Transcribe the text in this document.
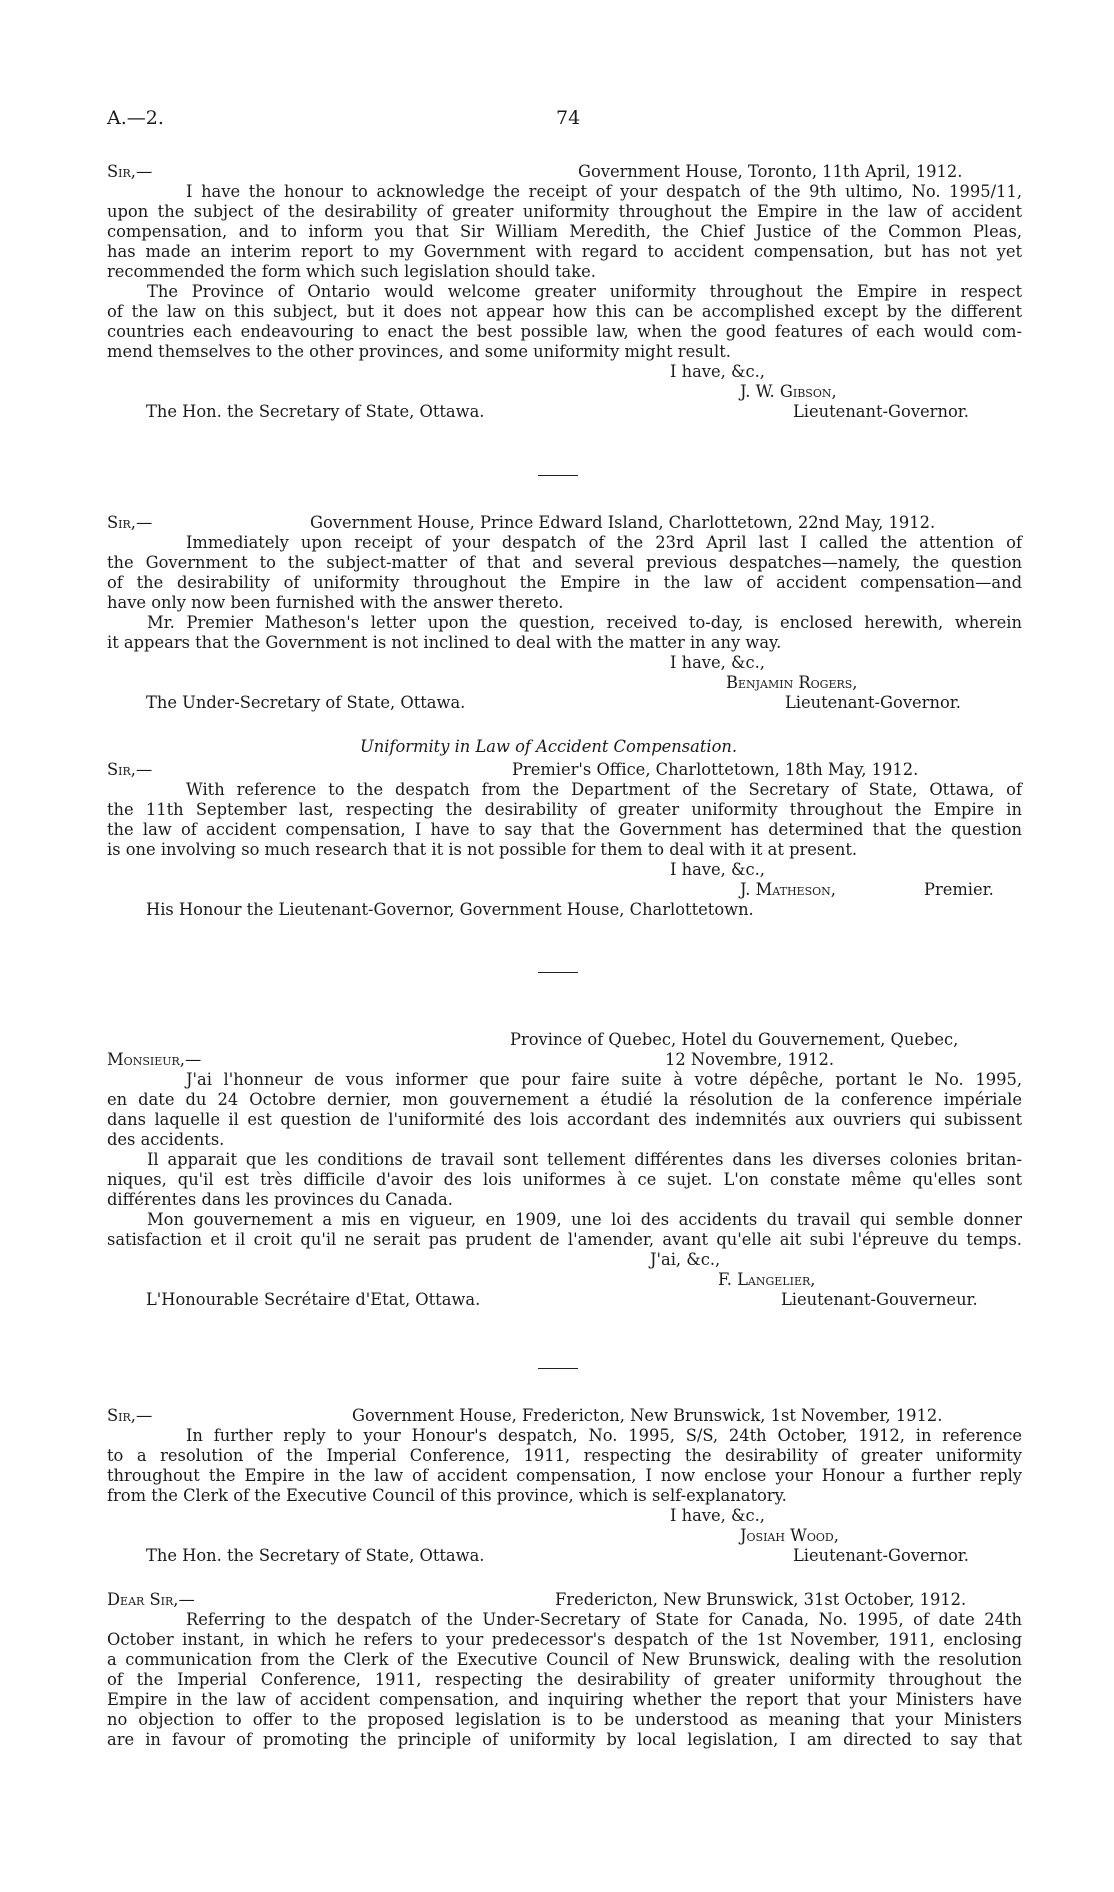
A.—2.	74
Sir,—	Government House, Toronto, 11th April, 1912.
I have the honour to acknowledge the receipt of your despatch of the 9th ultimo, No. 1995/11,
upon the subject of the desirability of greater uniformity throughout the Empire in the law of accident
compensation, and to inform you that Sir William Meredith, the Chief Justice of the Common Pleas,
has made an interim report to my Government with regard to accident compensation, but has not yet
recommended the form which such legislation should take.
The Province of Ontario would welcome greater uniformity throughout the Empire in respect
of the law on this subject, but it does not appear how this can be accomplished except by the different
countries each endeavouring to enact the best possible law, when the good features of each would com-
mend themselves to the other provinces, and some uniformity might result.
I have, &c.,
J. W. Gibson,
The Hon. the Secretary of State, Ottawa.	Lieutenant-Governor.
Sir,—	Government House, Prince Edward Island, Charlottetown, 22nd May, 1912.
Immediately upon receipt of your despatch of the 23rd April last I called the attention of
the Government to the subject-matter of that and several previous despatches—namely, the question
of the desirability of uniformity throughout the Empire in the law of accident compensation—and
have only now been furnished with the answer thereto.
Mr. Premier Matheson's letter upon the question, received to-day, is enclosed herewith, wherein
it appears that the Government is not inclined to deal with the matter in any way.
I have, &c.,
Benjamin Rogers,
The Under-Secretary of State, Ottawa.	Lieutenant-Governor.
Uniformity in Law of Accident Compensation.
Sir,—	Premier's Office, Charlottetown, 18th May, 1912.
With reference to the despatch from the Department of the Secretary of State, Ottawa, of
the 11th September last, respecting the desirability of greater uniformity throughout the Empire in
the law of accident compensation, I have to say that the Government has determined that the question
is one involving so much research that it is not possible for them to deal with it at present.
I have, &c.,
J. Matheson,	Premier.
His Honour the Lieutenant-Governor, Government House, Charlottetown.
Province of Quebec, Hotel du Gouvernement, Quebec,
Monsieur,—	12 Novembre, 1912.
J'ai l'honneur de vous informer que pour faire suite à votre dépêche, portant le No. 1995,
en date du 24 Octobre dernier, mon gouvernement a étudié la résolution de la conference impériale
dans laquelle il est question de l'uniformité des lois accordant des indemnités aux ouvriers qui subissent
des accidents.
Il apparait que les conditions de travail sont tellement différentes dans les diverses colonies britan-
niques, qu'il est très difficile d'avoir des lois uniformes à ce sujet. L'on constate même qu'elles sont
différentes dans les provinces du Canada.
Mon gouvernement a mis en vigueur, en 1909, une loi des accidents du travail qui semble donner
satisfaction et il croit qu'il ne serait pas prudent de l'amender, avant qu'elle ait subi l'épreuve du temps.
J'ai, &c.,
F. Langelier,
L'Honourable Secrétaire d'Etat, Ottawa.	Lieutenant-Gouverneur.
Sir,—	Government House, Fredericton, New Brunswick, 1st November, 1912.
In further reply to your Honour's despatch, No. 1995, S/S, 24th October, 1912, in reference
to a resolution of the Imperial Conference, 1911, respecting the desirability of greater uniformity
throughout the Empire in the law of accident compensation, I now enclose your Honour a further reply
from the Clerk of the Executive Council of this province, which is self-explanatory.
I have, &c.,
Josiah Wood,
The Hon. the Secretary of State, Ottawa.	Lieutenant-Governor.
Dear Sir,—	Fredericton, New Brunswick, 31st October, 1912.
Referring to the despatch of the Under-Secretary of State for Canada, No. 1995, of date 24th
October instant, in which he refers to your predecessor's despatch of the 1st November, 1911, enclosing
a communication from the Clerk of the Executive Council of New Brunswick, dealing with the resolution
of the Imperial Conference, 1911, respecting the desirability of greater uniformity throughout the
Empire in the law of accident compensation, and inquiring whether the report that your Ministers have
no objection to offer to the proposed legislation is to be understood as meaning that your Ministers
are in favour of promoting the principle of uniformity by local legislation, I am directed to say that
